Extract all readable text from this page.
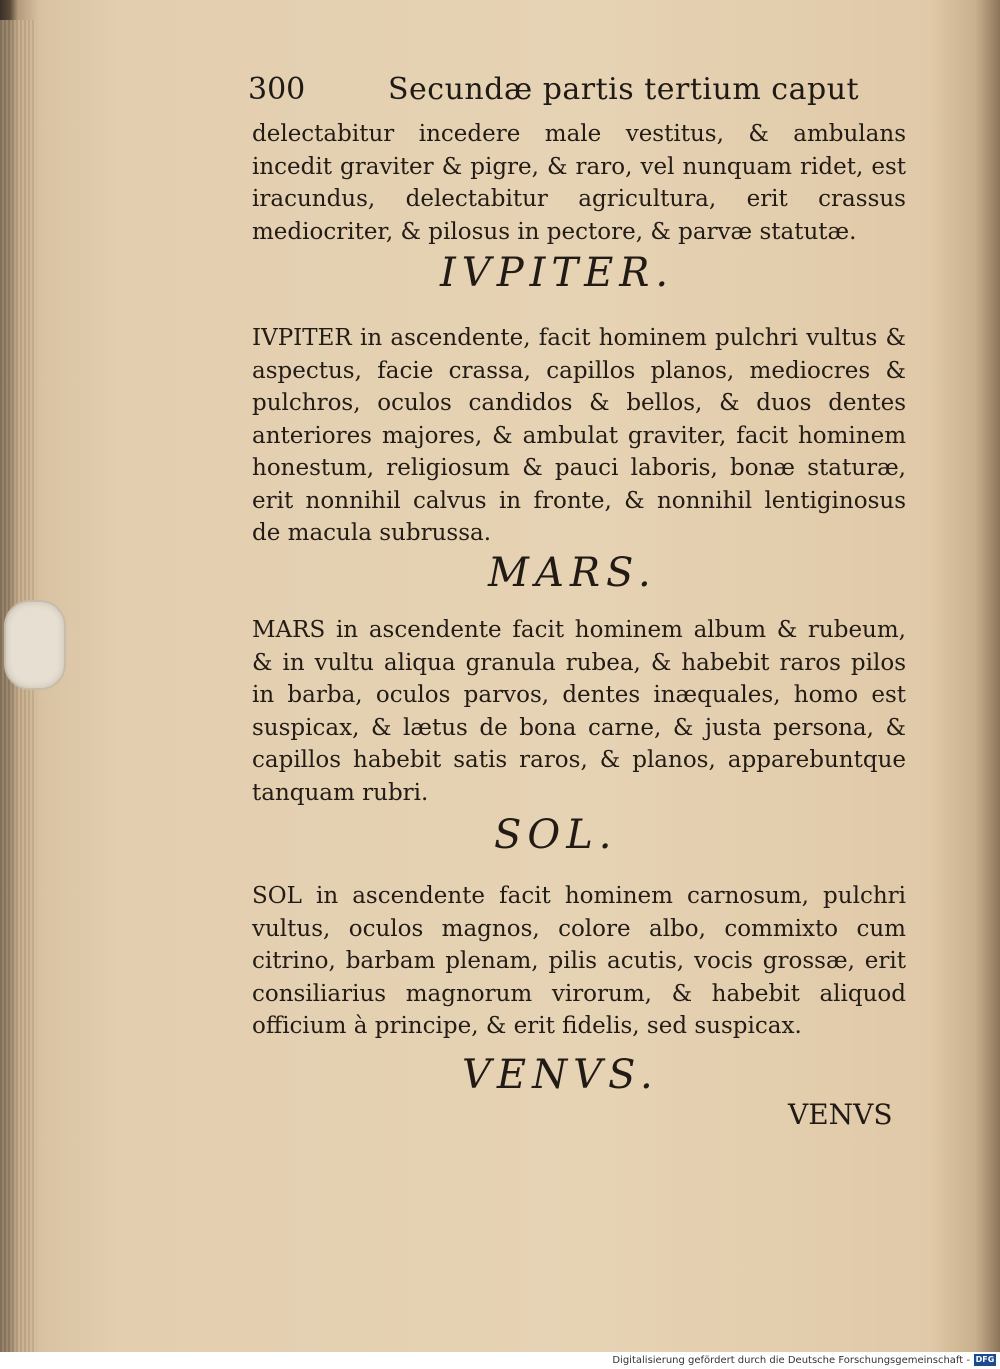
300	Secundæ partis tertium caput

delectabitur incedere male vestitus, & ambulans incedit graviter & pigre, & raro, vel nunquam ridet, est iracundus, delectabitur agricultura, erit crassus mediocriter, & pilosus in pectore, & parvæ statutæ.

IVPITER.

IVPITER in ascendente, facit hominem pulchri vultus & aspectus, facie crassa, capillos planos, mediocres & pulchros, oculos candidos & bellos, & duos dentes anteriores majores, & ambulat graviter, facit hominem honestum, religiosum & pauci laboris, bonæ staturæ, erit nonnihil calvus in fronte, & nonnihil lentiginosus de macula subrussa.

MARS.

MARS in ascendente facit hominem album & rubeum, & in vultu aliqua granula rubea, & habebit raros pilos in barba, oculos parvos, dentes inæquales, homo est suspicax, & lætus de bona carne, & justa persona, & capillos habebit satis raros, & planos, apparebuntque tanquam rubri.

SOL.

SOL in ascendente facit hominem carnosum, pulchri vultus, oculos magnos, colore albo, commixto cum citrino, barbam plenam, pilis acutis, vocis grossæ, erit consiliarius magnorum virorum, & habebit aliquod officium à principe, & erit fidelis, sed suspicax.

VENVS.
VENVS
Digitalisierung gefördert durch die Deutsche Forschungsgemeinschaft - DFG
